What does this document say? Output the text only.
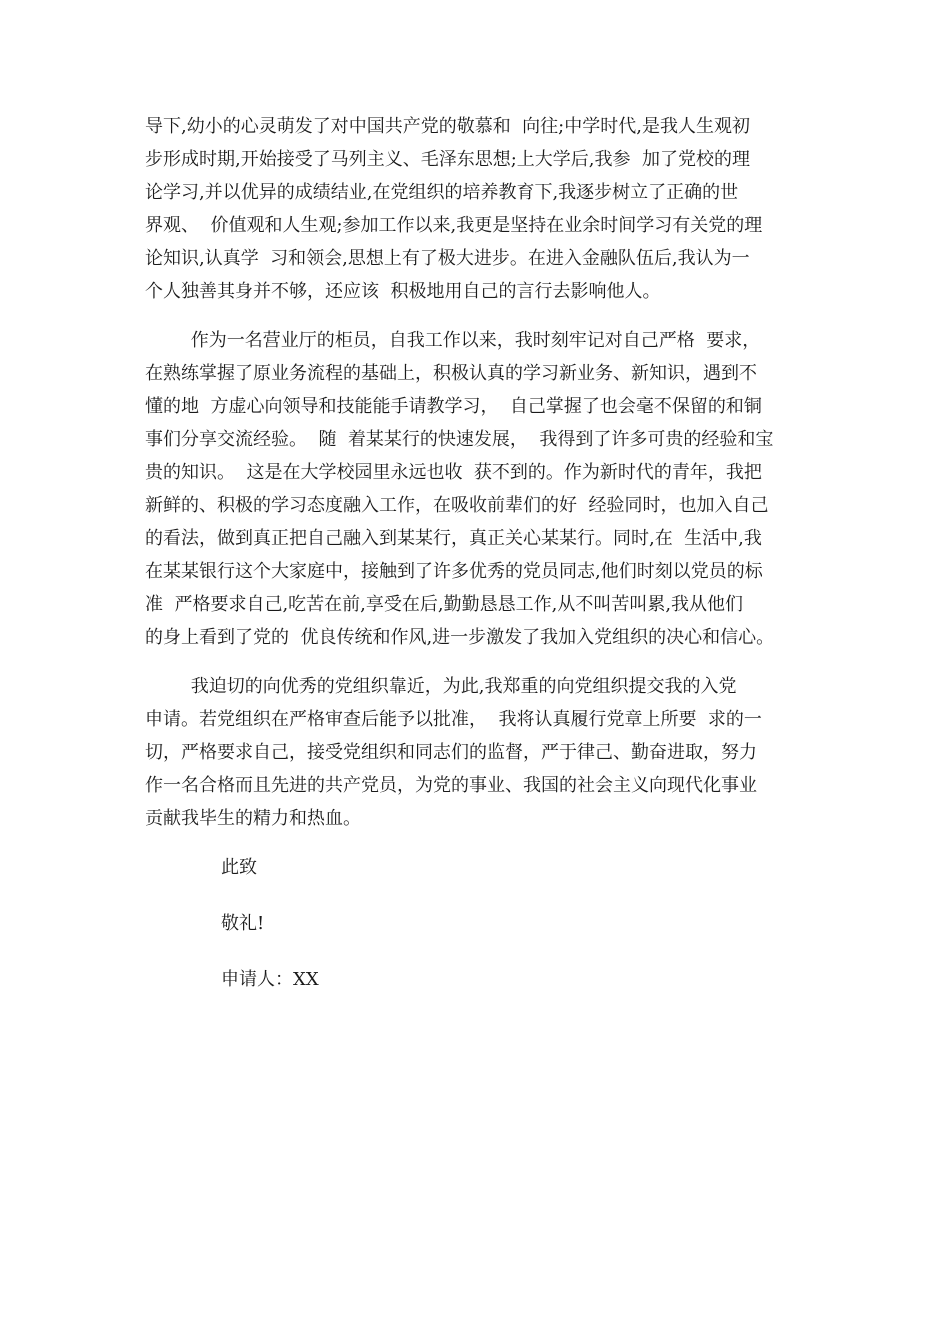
导下,幼小的心灵萌发了对中国共产党的敬慕和  向往;中学时代,是我人生观初
步形成时期,开始接受了马列主义、毛泽东思想;上大学后,我参  加了党校的理
论学习,并以优异的成绩结业,在党组织的培养教育下,我逐步树立了正确的世
界观、  价值观和人生观;参加工作以来,我更是坚持在业余时间学习有关党的理
论知识,认真学  习和领会,思想上有了极大进步。在进入金融队伍后,我认为一
个人独善其身并不够，还应该  积极地用自己的言行去影响他人。
作为一名营业厅的柜员，自我工作以来，我时刻牢记对自己严格  要求，
在熟练掌握了原业务流程的基础上，积极认真的学习新业务、新知识，遇到不
懂的地  方虚心向领导和技能能手请教学习，  自己掌握了也会毫不保留的和铜
事们分享交流经验。  随  着某某行的快速发展，  我得到了许多可贵的经验和宝
贵的知识。  这是在大学校园里永远也收  获不到的。作为新时代的青年，我把
新鲜的、积极的学习态度融入工作，在吸收前辈们的好  经验同时，也加入自己
的看法，做到真正把自己融入到某某行，真正关心某某行。同时,在  生活中,我
在某某银行这个大家庭中，接触到了许多优秀的党员同志,他们时刻以党员的标
准  严格要求自己,吃苦在前,享受在后,勤勤恳恳工作,从不叫苦叫累,我从他们
的身上看到了党的  优良传统和作风,进一步激发了我加入党组织的决心和信心。
我迫切的向优秀的党组织靠近，为此,我郑重的向党组织提交我的入党
申请。若党组织在严格审查后能予以批准，  我将认真履行党章上所要  求的一
切，严格要求自己，接受党组织和同志们的监督，严于律己、勤奋进取，努力
作一名合格而且先进的共产党员，为党的事业、我国的社会主义向现代化事业
贡献我毕生的精力和热血。
此致
敬礼!
申请人：XX
